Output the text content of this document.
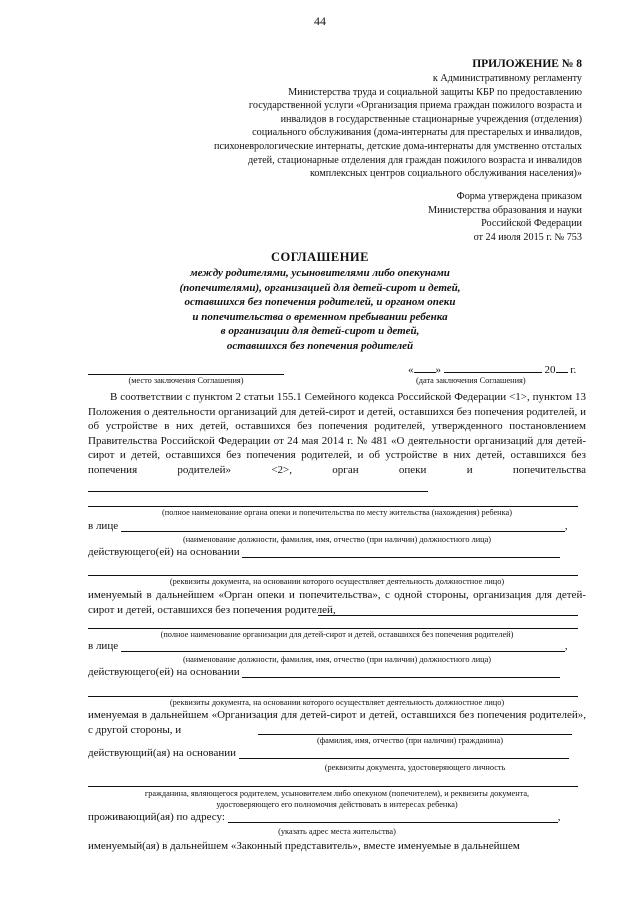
44
ПРИЛОЖЕНИЕ № 8
к Административному регламенту
Министерства труда и социальной защиты КБР по предоставлению
государственной услуги «Организация приема граждан пожилого возраста и
инвалидов в государственные стационарные учреждения (отделения)
социального обслуживания (дома-интернаты для престарелых и инвалидов,
психоневрологические интернаты, детские дома-интернаты для умственно отсталых
детей, стационарные отделения для граждан пожилого возраста и инвалидов
комплексных центров социального обслуживания населения)»
Форма утверждена приказом
Министерства образования и науки
Российской Федерации
от 24 июля 2015 г. № 753
СОГЛАШЕНИЕ
между родителями, усыновителями либо опекунами
(попечителями), организацией для детей-сирот и детей,
оставшихся без попечения родителей, и органом опеки
и попечительства о временном пребывании ребенка
в организации для детей-сирот и детей,
оставшихся без попечения родителей
(место заключения Соглашения)
« »	20 г.
(дата заключения Соглашения)
В соответствии с пунктом 2 статьи 155.1 Семейного кодекса Российской Федерации <1>, пунктом 13 Положения о деятельности организаций для детей-сирот и детей, оставшихся без попечения родителей, и об устройстве в них детей, оставшихся без попечения родителей, утвержденного постановлением Правительства Российской Федерации от 24 мая 2014 г. № 481 «О деятельности организаций для детей-сирот и детей, оставшихся без попечения родителей, и об устройстве в них детей, оставшихся без попечения родителей» <2>, орган опеки и попечительства
(полное наименование органа опеки и попечительства по месту жительства (нахождения) ребенка)
в лице	,
(наименование должности, фамилия, имя, отчество (при наличии) должностного лица)
действующего(ей) на основании
(реквизиты документа, на основании которого осуществляет деятельность должностное лицо)
именуемый в дальнейшем «Орган опеки и попечительства», с одной стороны, организация для детей-сирот и детей, оставшихся без попечения родителей,
(полное наименование организации для детей-сирот и детей, оставшихся без попечения родителей)
в лице	,
(наименование должности, фамилия, имя, отчество (при наличии) должностного лица)
действующего(ей) на основании
(реквизиты документа, на основании которого осуществляет деятельность должностное лицо)
именуемая в дальнейшем «Организация для детей-сирот и детей, оставшихся без попечения родителей», с другой стороны, и
(фамилия, имя, отчество (при наличии) гражданина)
действующий(ая) на основании
(реквизиты документа, удостоверяющего личность
гражданина, являющегося родителем, усыновителем либо опекуном (попечителем), и реквизиты документа,
удостоверяющего его полномочия действовать в интересах ребенка)
проживающий(ая) по адресу:	,
(указать адрес места жительства)
именуемый(ая) в дальнейшем «Законный представитель», вместе именуемые в дальнейшем
